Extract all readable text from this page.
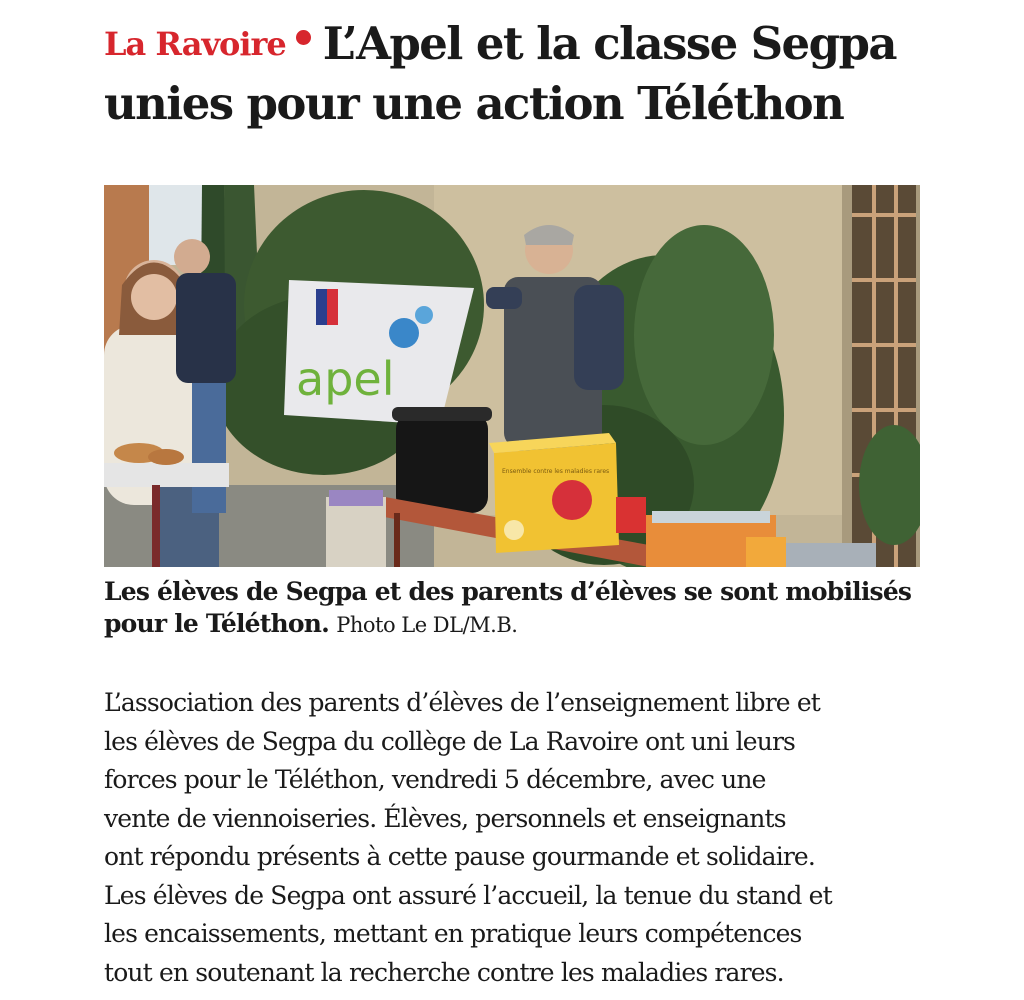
La Ravoire L’Apel et la classe Segpa
unies pour une action Téléthon
apel
Ensemble contre les maladies rares

Les élèves de Segpa et des parents d’élèves se sont mobilisés pour le Téléthon. Photo Le DL/M.B.

L’association des parents d’élèves de l’enseignement libre et
les élèves de Segpa du collège de La Ravoire ont uni leurs
forces pour le Téléthon, vendredi 5 décembre, avec une
vente de viennoiseries. Élèves, personnels et enseignants
ont répondu présents à cette pause gourmande et solidaire.
Les élèves de Segpa ont assuré l’accueil, la tenue du stand et
les encaissements, mettant en pratique leurs compétences
tout en soutenant la recherche contre les maladies rares.
